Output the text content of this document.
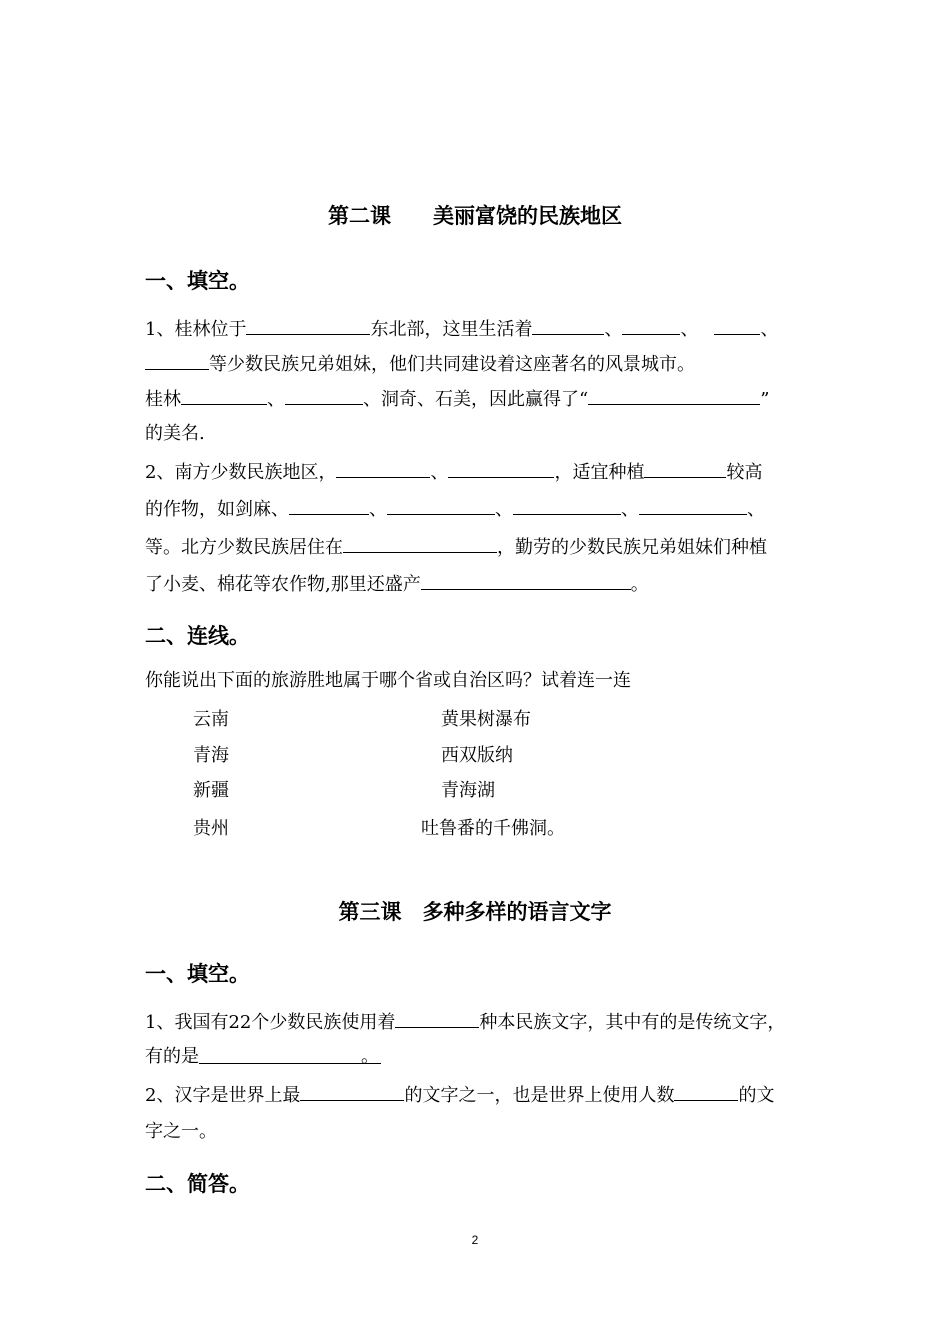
第二课　　美丽富饶的民族地区
一、填空。
1、桂林位于	东北部，这里生活着	、	、	、
等少数民族兄弟姐妹，他们共同建设着这座著名的风景城市。
桂林	、	、洞奇、石美，因此赢得了“	”
的美名.
2、南方少数民族地区，	、	，适宜种植	较高
的作物，如剑麻、	、	、	、	、
等。北方少数民族居住在	，勤劳的少数民族兄弟姐妹们种植
了小麦、棉花等农作物,那里还盛产	。
二、连线。
你能说出下面的旅游胜地属于哪个省或自治区吗？试着连一连
云南	黄果树瀑布
青海	西双版纳
新疆	青海湖
贵州	吐鲁番的千佛洞。
第三课　多种多样的语言文字
一、填空。
1、我国有22个少数民族使用着	种本民族文字，其中有的是传统文字，
有的是	。
2、汉字是世界上最	的文字之一，也是世界上使用人数	的文
字之一。
二、简答。
2
